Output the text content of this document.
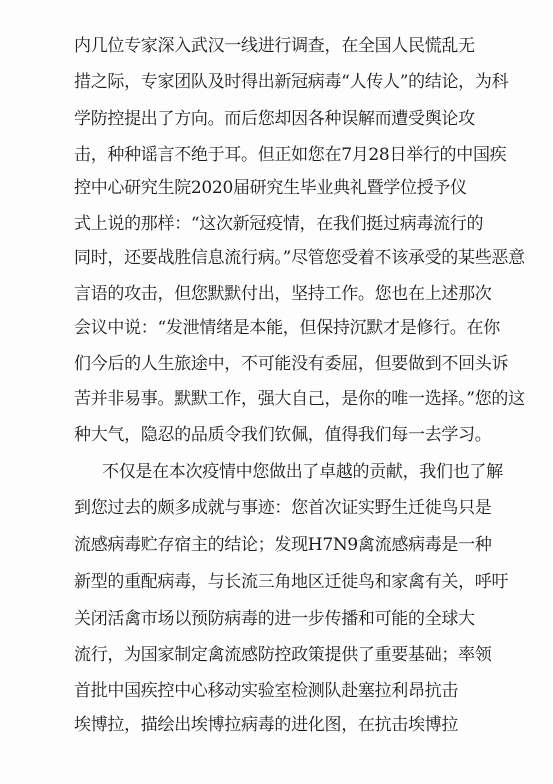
内几位专家深入武汉一线进行调查，在全国人民慌乱无
措之际，专家团队及时得出新冠病毒“人传人”的结论，为科
学防控提出了方向。而后您却因各种误解而遭受舆论攻
击，种种谣言不绝于耳。但正如您在7月28日举行的中国疾
控中心研究生院2020届研究生毕业典礼暨学位授予仪
式上说的那样：“这次新冠疫情，在我们挺过病毒流行的
同时，还要战胜信息流行病。”尽管您受着不该承受的某些恶意
言语的攻击，但您默默付出，坚持工作。您也在上述那次
会议中说：“发泄情绪是本能，但保持沉默才是修行。在你
们今后的人生旅途中，不可能没有委屈，但要做到不回头诉
苦并非易事。默默工作，强大自己，是你的唯一选择。”您的这
种大气，隐忍的品质令我们钦佩，值得我们每一去学习。
不仅是在本次疫情中您做出了卓越的贡献，我们也了解
到您过去的颇多成就与事迹：您首次证实野生迁徙鸟只是
流感病毒贮存宿主的结论；发现H7N9禽流感病毒是一种
新型的重配病毒，与长流三角地区迁徙鸟和家禽有关，呼吁
关闭活禽市场以预防病毒的进一步传播和可能的全球大
流行，为国家制定禽流感防控政策提供了重要基础；率领
首批中国疾控中心移动实验室检测队赴塞拉利昂抗击
埃博拉，描绘出埃博拉病毒的进化图，在抗击埃博拉
